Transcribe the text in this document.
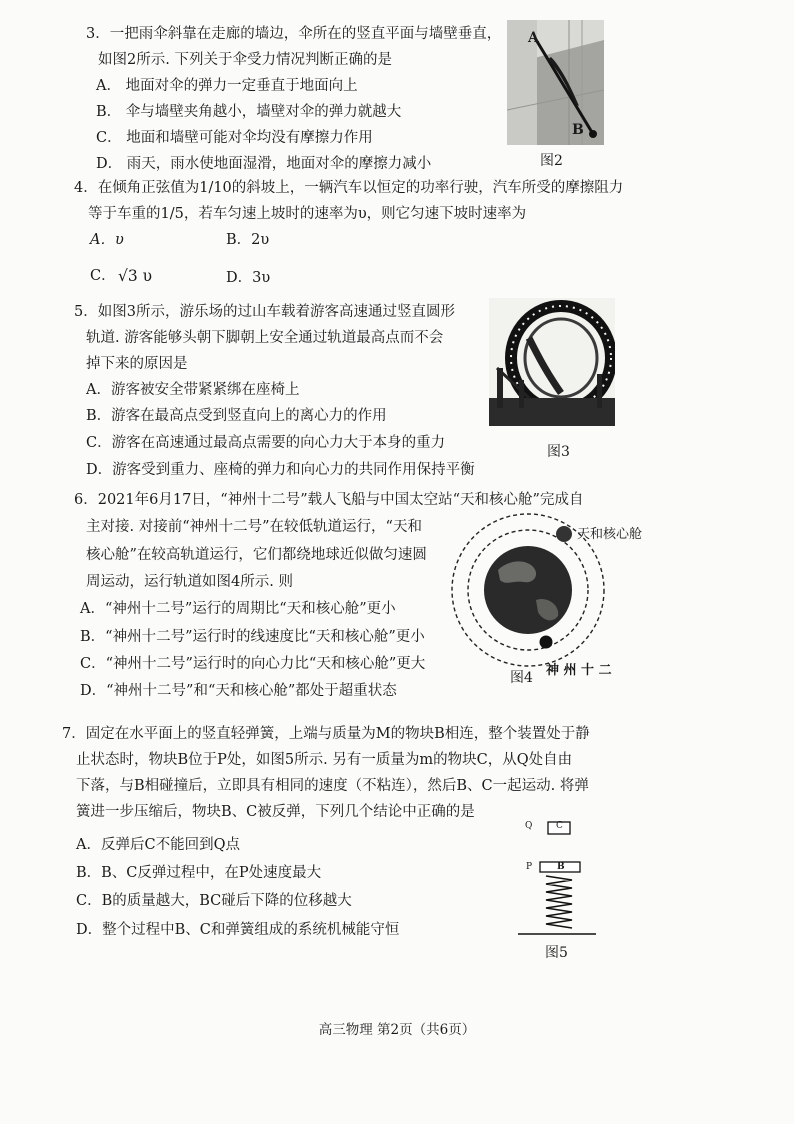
3．一把雨伞斜靠在走廊的墙边，伞所在的竖直平面与墙壁垂直，
如图2所示. 下列关于伞受力情况判断正确的是
A． 地面对伞的弹力一定垂直于地面向上
B． 伞与墙壁夹角越小，墙壁对伞的弹力就越大
C． 地面和墙壁可能对伞均没有摩擦力作用
D． 雨天，雨水使地面湿滑，地面对伞的摩擦力减小
A
B
图2
4．在倾角正弦值为1/10的斜坡上，一辆汽车以恒定的功率行驶，汽车所受的摩擦阻力
等于车重的1/5，若车匀速上坡时的速率为υ，则它匀速下坡时速率为
A．υ	B．2υ
C． √3 υ	D．3υ
5．如图3所示，游乐场的过山车载着游客高速通过竖直圆形
轨道. 游客能够头朝下脚朝上安全通过轨道最高点而不会
掉下来的原因是
A．游客被安全带紧紧绑在座椅上
B．游客在最高点受到竖直向上的离心力的作用
C．游客在高速通过最高点需要的向心力大于本身的重力
D．游客受到重力、座椅的弹力和向心力的共同作用保持平衡
图3
6．2021年6月17日，“神州十二号”载人飞船与中国太空站“天和核心舱”完成自
主对接. 对接前“神州十二号”在较低轨道运行，“天和
核心舱”在较高轨道运行，它们都绕地球近似做匀速圆
周运动，运行轨道如图4所示. 则
A．“神州十二号”运行的周期比“天和核心舱”更小
B．“神州十二号”运行时的线速度比“天和核心舱”更小
C．“神州十二号”运行时的向心力比“天和核心舱”更大
D．“神州十二号”和“天和核心舱”都处于超重状态
天和核心舱
神 州 十 二
图4
7．固定在水平面上的竖直轻弹簧，上端与质量为M的物块B相连，整个装置处于静
止状态时，物块B位于P处，如图5所示. 另有一质量为m的物块C，从Q处自由
下落，与B相碰撞后，立即具有相同的速度（不粘连），然后B、C一起运动. 将弹
簧进一步压缩后，物块B、C被反弹，下列几个结论中正确的是
A．反弹后C不能回到Q点
B．B、C反弹过程中，在P处速度最大
C．B的质量越大，BC碰后下降的位移越大
D．整个过程中B、C和弹簧组成的系统机械能守恒
Q	C
P	B
图5
高三物理 第2页（共6页）
